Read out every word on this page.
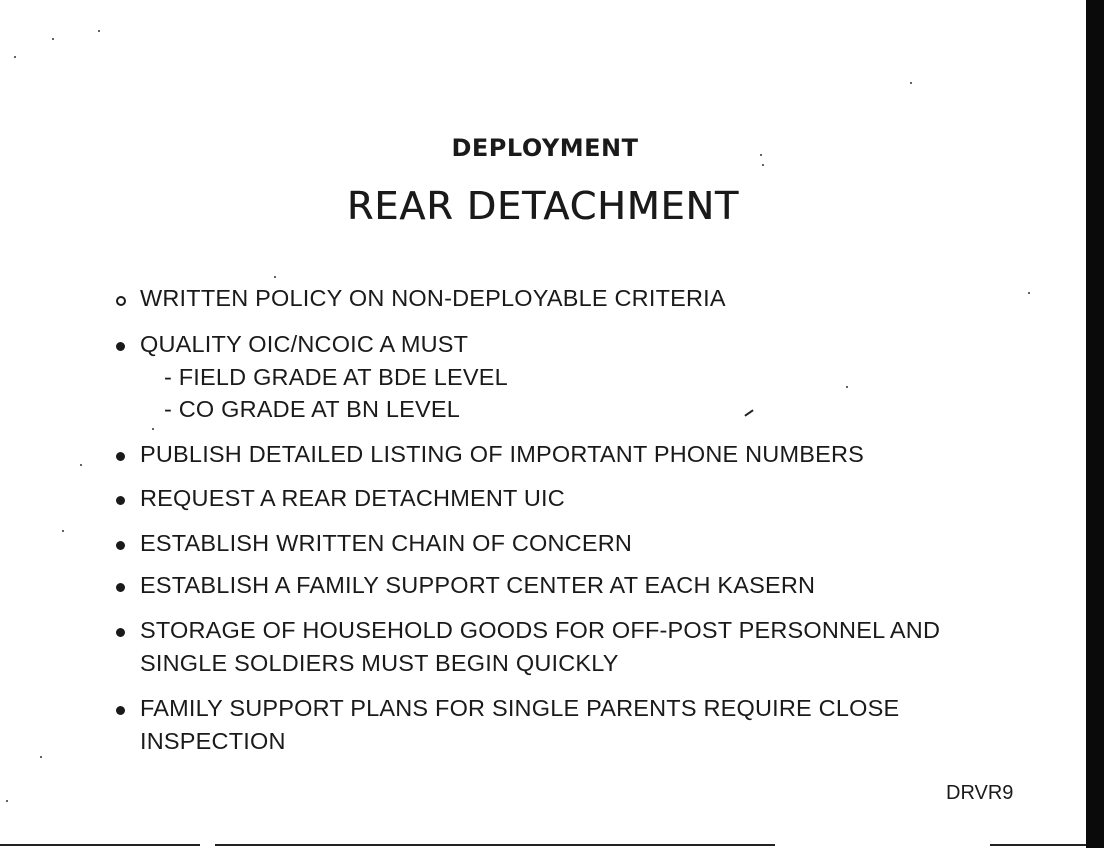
DEPLOYMENT
REAR DETACHMENT
WRITTEN POLICY ON NON-DEPLOYABLE CRITERIA
QUALITY OIC/NCOIC A MUST
- FIELD GRADE AT BDE LEVEL
- CO GRADE AT BN LEVEL
PUBLISH DETAILED LISTING OF IMPORTANT PHONE NUMBERS
REQUEST A REAR DETACHMENT UIC
ESTABLISH WRITTEN CHAIN OF CONCERN
ESTABLISH A FAMILY SUPPORT CENTER AT EACH KASERN
STORAGE OF HOUSEHOLD GOODS FOR OFF-POST PERSONNEL AND
SINGLE SOLDIERS MUST BEGIN QUICKLY
FAMILY SUPPORT PLANS FOR SINGLE PARENTS REQUIRE CLOSE
INSPECTION
DRVR9
